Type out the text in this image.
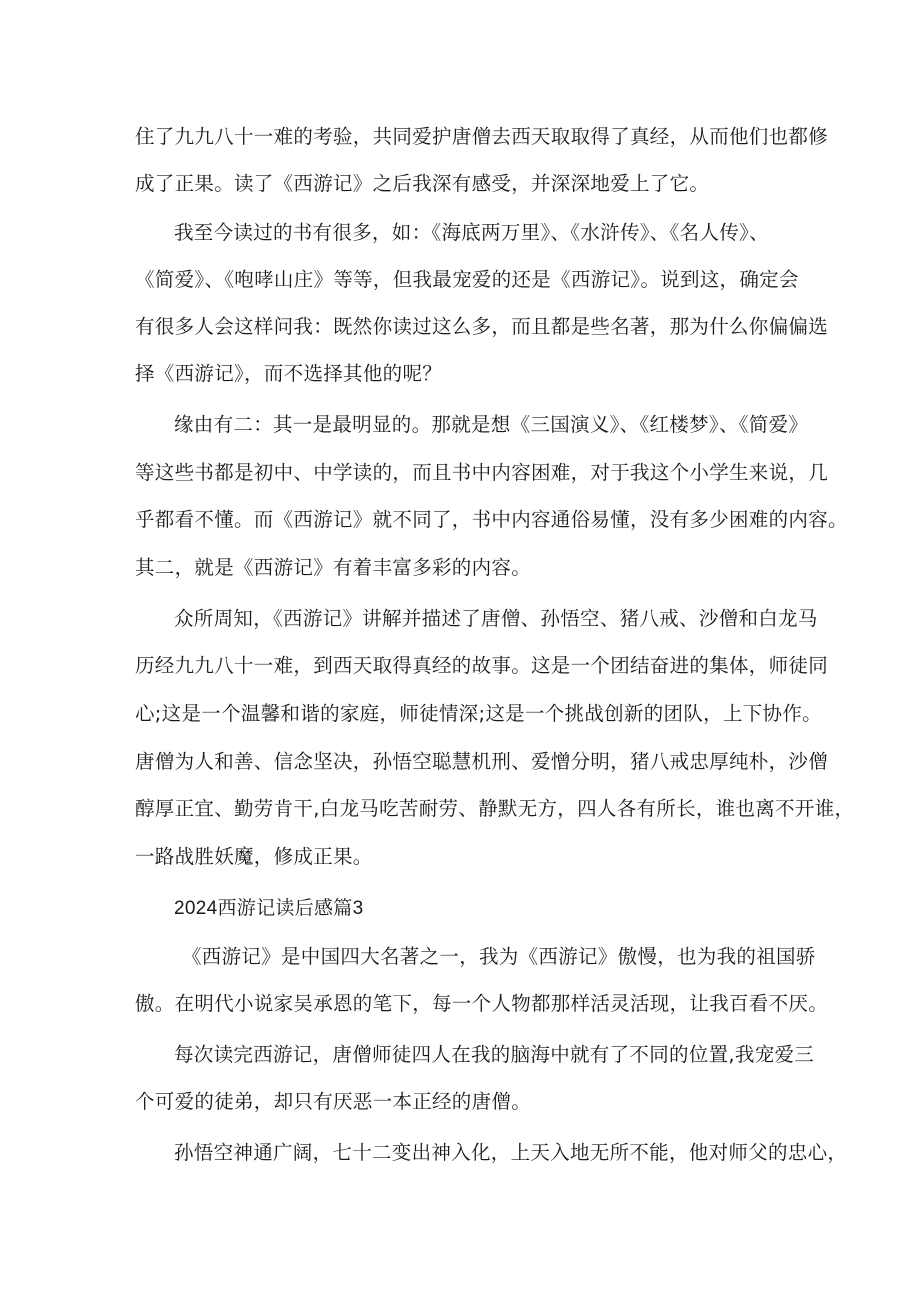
住了九九八十一难的考验，共同爱护唐僧去西天取取得了真经，从而他们也都修
成了正果。读了《西游记》之后我深有感受，并深深地爱上了它。
我至今读过的书有很多，如：《海底两万里》、《水浒传》、《名人传》、
《简爱》、《咆哮山庄》等等，但我最宠爱的还是《西游记》。说到这，确定会
有很多人会这样问我：既然你读过这么多，而且都是些名著，那为什么你偏偏选
择《西游记》，而不选择其他的呢？
缘由有二：其一是最明显的。那就是想《三国演义》、《红楼梦》、《简爱》
等这些书都是初中、中学读的，而且书中内容困难，对于我这个小学生来说，几
乎都看不懂。而《西游记》就不同了，书中内容通俗易懂，没有多少困难的内容。
其二，就是《西游记》有着丰富多彩的内容。
众所周知，《西游记》讲解并描述了唐僧、孙悟空、猪八戒、沙僧和白龙马
历经九九八十一难，到西天取得真经的故事。这是一个团结奋进的集体，师徒同
心;这是一个温馨和谐的家庭，师徒情深;这是一个挑战创新的团队，上下协作。
唐僧为人和善、信念坚决，孙悟空聪慧机刑、爱憎分明，猪八戒忠厚纯朴，沙僧
醇厚正宜、勤劳肯干,白龙马吃苦耐劳、静默无方，四人各有所长，谁也离不开谁，
一路战胜妖魔，修成正果。
2024西游记读后感篇3
《西游记》是中国四大名著之一，我为《西游记》傲慢，也为我的祖国骄
傲。在明代小说家吴承恩的笔下，每一个人物都那样活灵活现，让我百看不厌。
每次读完西游记，唐僧师徒四人在我的脑海中就有了不同的位置,我宠爱三
个可爱的徒弟，却只有厌恶一本正经的唐僧。
孙悟空神通广阔，七十二变出神入化，上天入地无所不能，他对师父的忠心，
